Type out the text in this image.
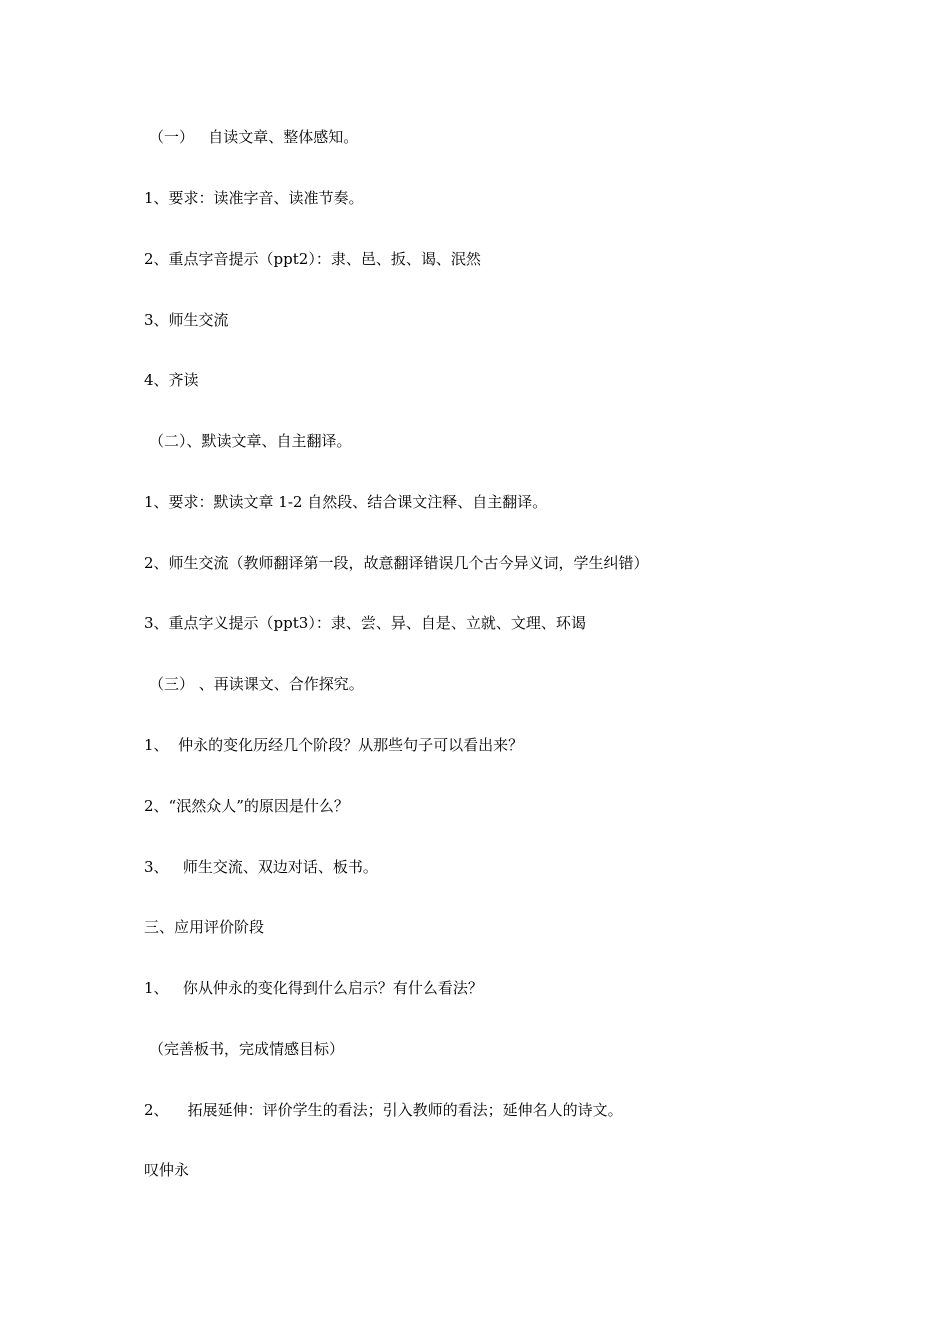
（一）   自读文章、整体感知。

1、要求：读准字音、读准节奏。

2、重点字音提示（ppt2）：隶、邑、扳、谒、泯然

3、师生交流

4、齐读

（二）、默读文章、自主翻译。

1、要求：默读文章 1-2 自然段、结合课文注释、自主翻译。

2、师生交流（教师翻译第一段，故意翻译错误几个古今异义词，学生纠错）

3、重点字义提示（ppt3）：隶、尝、异、自是、立就、文理、环谒

（三） 、再读课文、合作探究。

1、  仲永的变化历经几个阶段？从那些句子可以看出来？

2、“泯然众人”的原因是什么？

3、   师生交流、双边对话、板书。

三、应用评价阶段

1、   你从仲永的变化得到什么启示？有什么看法？

（完善板书，完成情感目标）

2、    拓展延伸：评价学生的看法；引入教师的看法；延伸名人的诗文。

叹仲永
